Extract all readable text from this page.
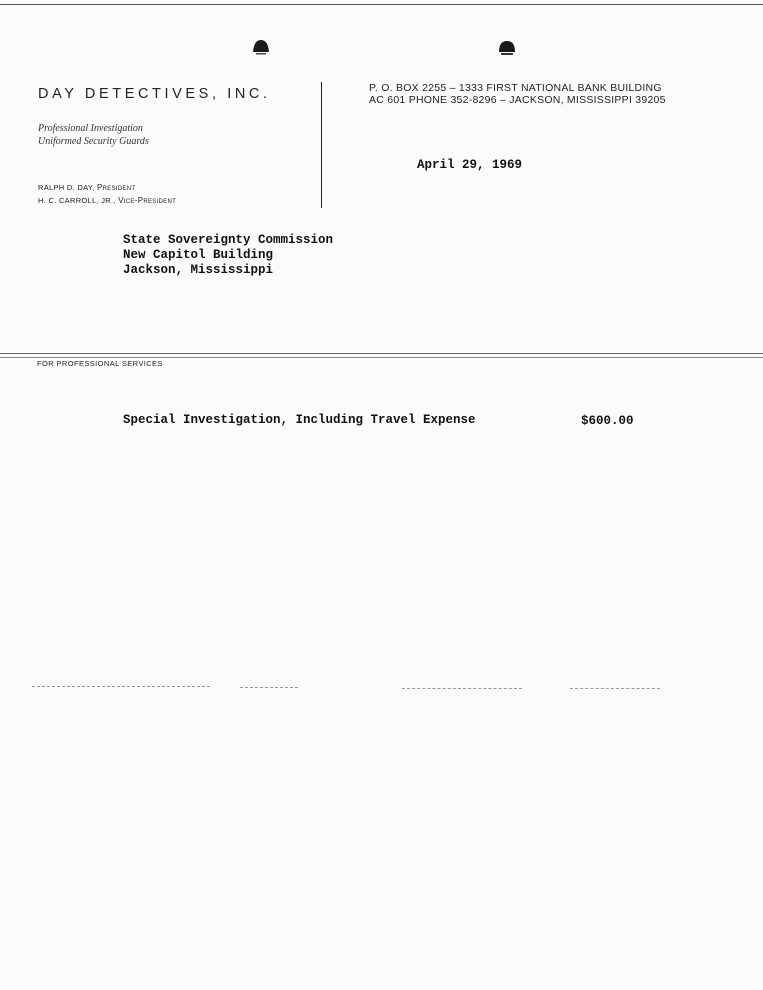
DAY DETECTIVES, INC.
Professional Investigation
Uniformed Security Guards
RALPH D. DAY, President
H. C. CARROLL, JR., Vice-President
P. O. BOX 2255 – 1333 FIRST NATIONAL BANK BUILDING
AC 601 PHONE 352-8296 – JACKSON, MISSISSIPPI 39205
April 29, 1969
State Sovereignty Commission
New Capitol Building
Jackson, Mississippi
FOR PROFESSIONAL SERVICES
Special Investigation, Including Travel Expense	$600.00
